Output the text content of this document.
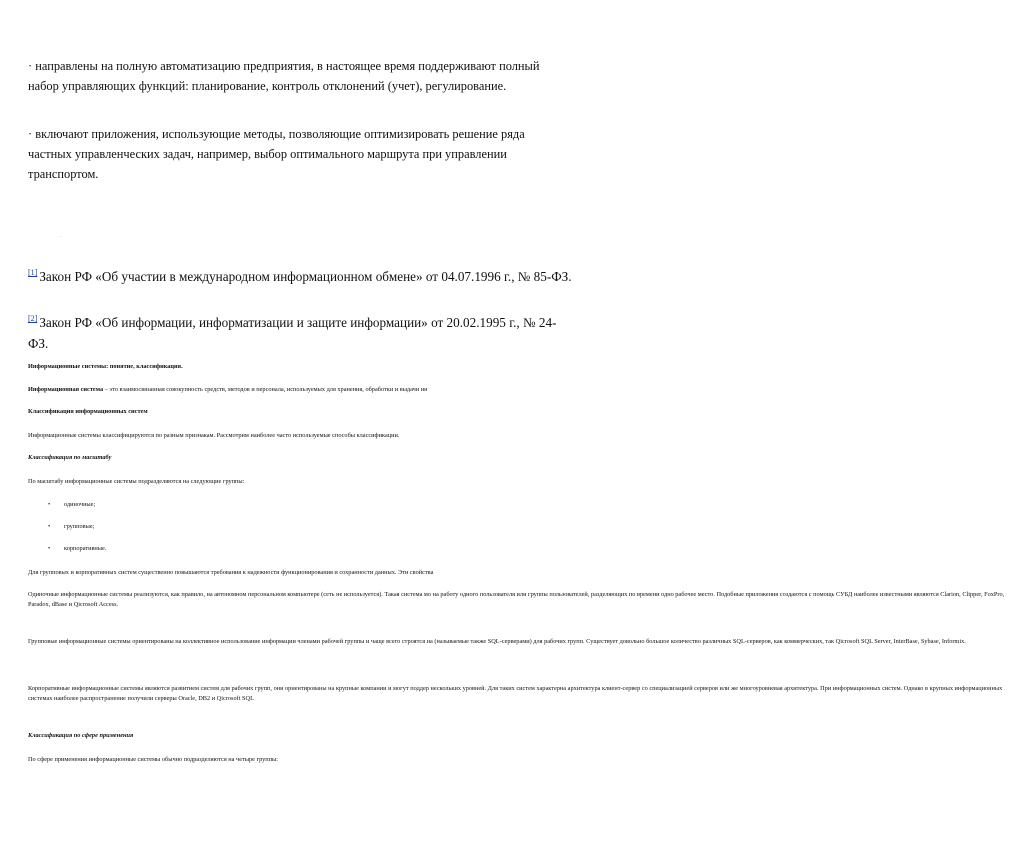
· направлены на полную автоматизацию предприятия, в настоящее время поддерживают полный набор управляющих функций: планирование, контроль отклонений (учет), регулирование.
· включают приложения, использующие методы, позволяющие оптимизировать решение ряда частных управленческих задач, например, выбор оптимального маршрута при управлении транспортом.
.
[1] Закон РФ «Об участии в международном информационном обмене» от 04.07.1996 г., № 85-ФЗ.
[2] Закон РФ «Об информации, информатизации и защите информации» от 20.02.1995 г., № 24-ФЗ.
Информационные системы: понятие, классификация.
Информационная система – это взаимосвязанная совокупность средств, методов и персонала, используемых для хранения, обработки и выдачи ин
Классификация информационных систем
Информационные системы классифицируются по разным признакам. Рассмотрим наиболее часто используемые способы классификации.
Классификация по масштабу
По масштабу информационные системы подразделяются на следующие группы:
• одиночные;
• групповые;
• корпоративные.
Для групповых и корпоративных систем существенно повышаются требования к надежности функционирования и сохранности данных. Эти свойства
Одиночные информационные системы реализуются, как правило, на автономном персональном компьютере (сеть не используется). Такая система мо на работу одного пользователя или группы пользователей, разделяющих по времени одно рабочее место. Подобные приложения создаются с помощь СУБД наиболее известными являются Clarion, Clipper, FoxPro, Paradox, dBase и Qicrosoft Access.
Групповые информационные системы ориентированы на коллективное использование информации членами рабочей группы и чаще всего строятся на (называемые также SQL-серверами) для рабочих групп. Существует довольно большое количество различных SQL-серверов, как коммерческих, так Qicrosoft SQL Server, InterBase, Sybase, Informix.
Корпоративные информационные системы являются развитием систем для рабочих групп, они ориентированы на крупные компании и могут поддер нескольких уровней. Для таких систем характерна архитектура клиент-сервер со специализацией серверов или же многоуровневая архитектура. При информационных систем. Однако в крупных информационных системах наиболее распространение получили серверы Oracle, DB2 и Qicrosoft SQL
Классификация по сфере применения
По сфере применения информационные системы обычно подразделяются на четыре группы:
